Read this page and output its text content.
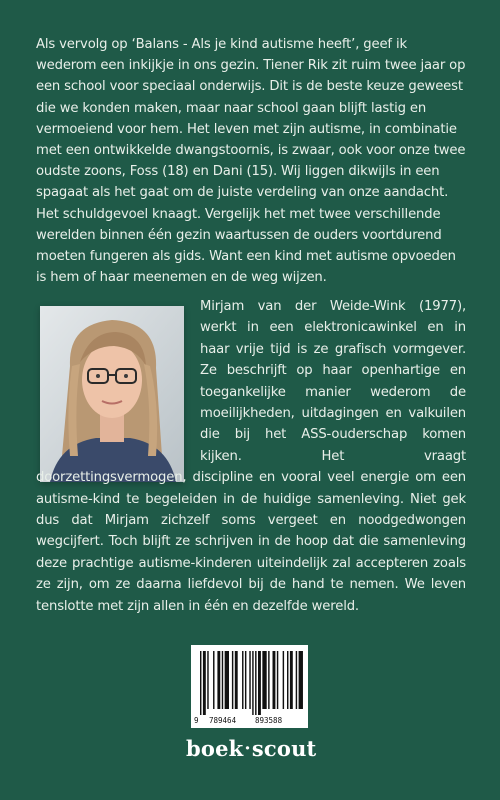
Als vervolg op ‘Balans - Als je kind autisme heeft’, geef ik wederom een inkijkje in ons gezin. Tiener Rik zit ruim twee jaar op een school voor speciaal onderwijs. Dit is de beste keuze geweest die we konden maken, maar naar school gaan blijft lastig en vermoeiend voor hem. Het leven met zijn autisme, in combinatie met een ontwikkelde dwangstoornis, is zwaar, ook voor onze twee oudste zoons, Foss (18) en Dani (15). Wij liggen dikwijls in een spagaat als het gaat om de juiste verdeling van onze aandacht. Het schuldgevoel knaagt. Vergelijk het met twee verschillende werelden binnen één gezin waartussen de ouders voortdurend moeten fungeren als gids. Want een kind met autisme opvoeden is hem of haar meenemen en de weg wijzen.
Mirjam van der Weide-Wink (1977), werkt in een elektronicawinkel en in haar vrije tijd is ze grafisch vormgever. Ze beschrijft op haar openhartige en toegankelijke manier wederom de moeilijkheden, uitdagingen en valkuilen die bij het ASS-ouderschap komen kijken. Het vraagt doorzettingsvermogen, discipline en vooral veel energie om een autisme-kind te begeleiden in de huidige samenleving. Niet gek dus dat Mirjam zichzelf soms vergeet en noodgedwongen wegcijfert. Toch blijft ze schrijven in de hoop dat die samenleving deze prachtige autisme-kinderen uiteindelijk zal accepteren zoals ze zijn, om ze daarna liefdevol bij de hand te nemen. We leven tenslotte met zijn allen in één en dezelfde wereld.
9 789464	893588
boek·scout
